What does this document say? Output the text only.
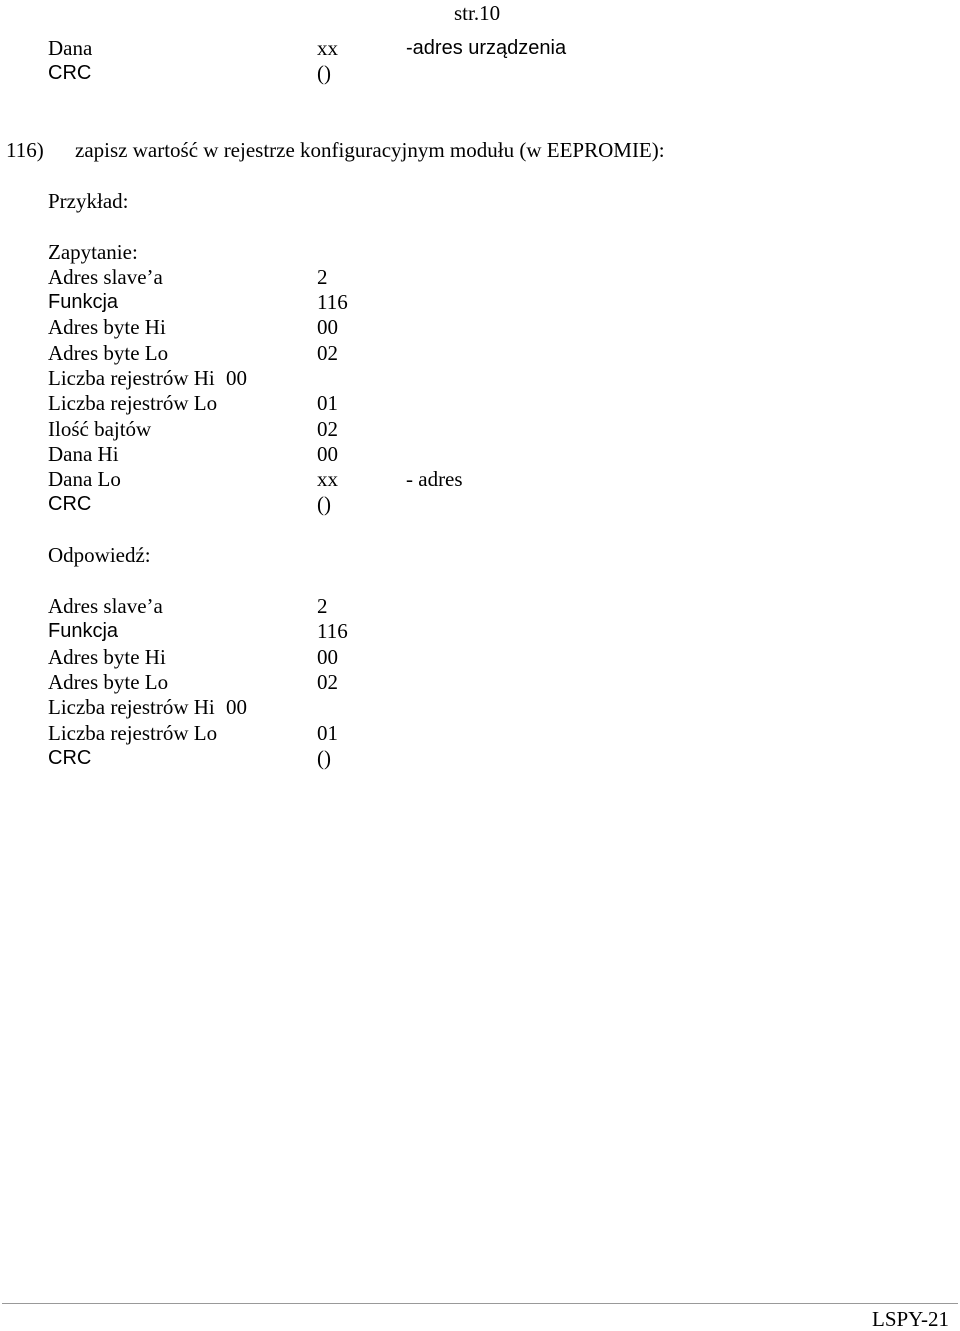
str.10
Dana	xx	-adres urządzenia
CRC	()
116) zapisz wartość w rejestrze konfiguracyjnym modułu (w EEPROMIE):
Przykład:
Zapytanie:
Adres slave’a	2
Funkcja	116
Adres byte Hi	00
Adres byte Lo	02
Liczba rejestrów Hi 00
Liczba rejestrów Lo	01
Ilość bajtów	02
Dana Hi	00
Dana Lo	xx	- adres
CRC	()
Odpowiedź:
Adres slave’a	2
Funkcja	116
Adres byte Hi	00
Adres byte Lo	02
Liczba rejestrów Hi 00
Liczba rejestrów Lo	01
CRC	()
LSPY-21
